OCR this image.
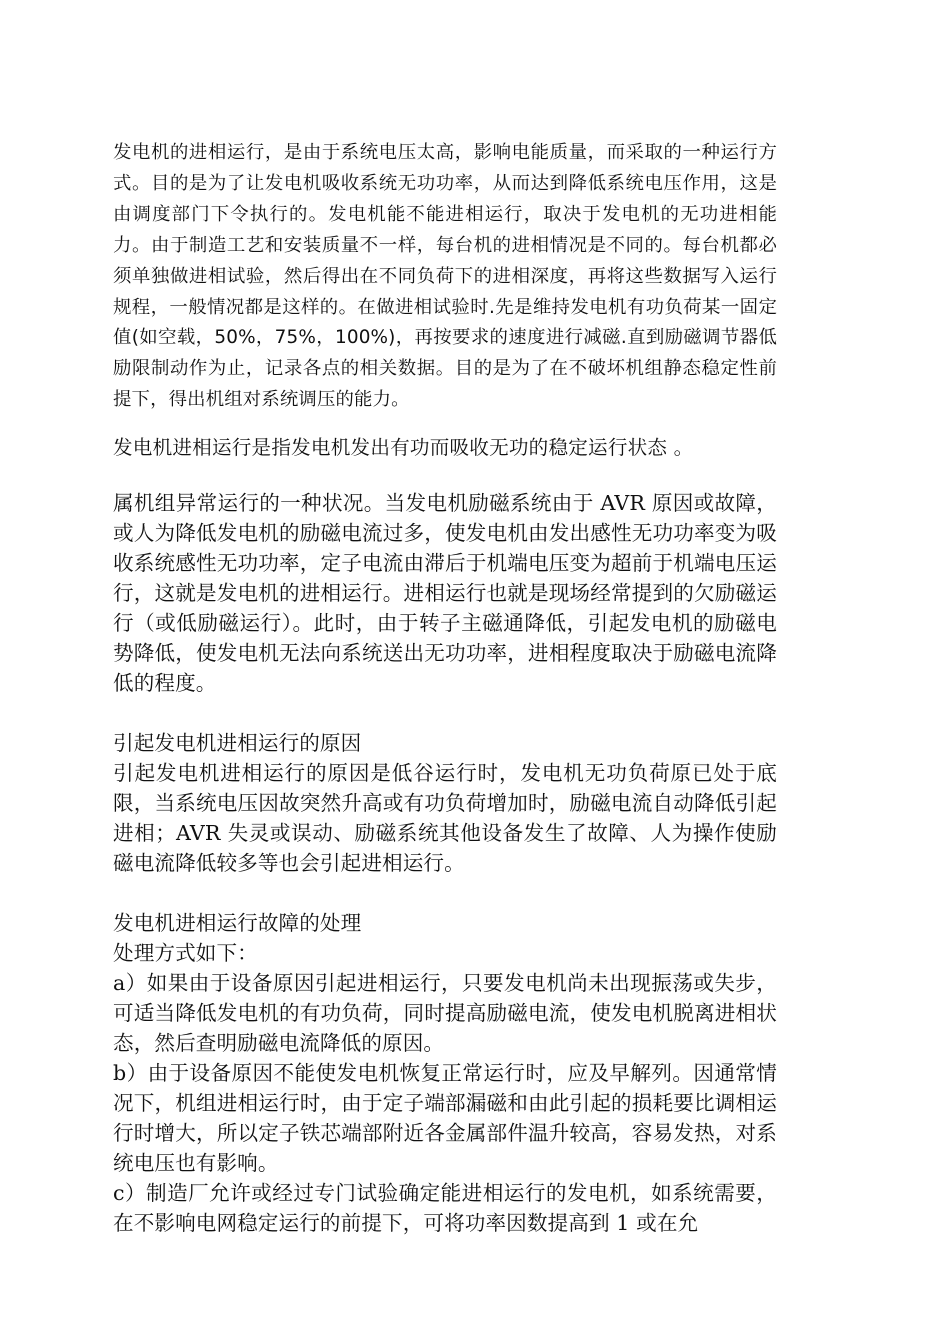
发电机的进相运行，是由于系统电压太高，影响电能质量，而采取的一种运行方式。目的是为了让发电机吸收系统无功功率，从而达到降低系统电压作用，这是由调度部门下令执行的。发电机能不能进相运行，取决于发电机的无功进相能力。由于制造工艺和安装质量不一样，每台机的进相情况是不同的。每台机都必须单独做进相试验，然后得出在不同负荷下的进相深度，再将这些数据写入运行规程，一般情况都是这样的。在做进相试验时.先是维持发电机有功负荷某一固定值(如空载，50%，75%，100%)，再按要求的速度进行减磁.直到励磁调节器低励限制动作为止，记录各点的相关数据。目的是为了在不破坏机组静态稳定性前提下，得出机组对系统调压的能力。

发电机进相运行是指发电机发出有功而吸收无功的稳定运行状态 。

属机组异常运行的一种状况。当发电机励磁系统由于 AVR 原因或故障，或人为降低发电机的励磁电流过多，使发电机由发出感性无功功率变为吸收系统感性无功功率，定子电流由滞后于机端电压变为超前于机端电压运行，这就是发电机的进相运行。进相运行也就是现场经常提到的欠励磁运行（或低励磁运行）。此时，由于转子主磁通降低，引起发电机的励磁电势降低，使发电机无法向系统送出无功功率，进相程度取决于励磁电流降低的程度。

引起发电机进相运行的原因

引起发电机进相运行的原因是低谷运行时，发电机无功负荷原已处于底限，当系统电压因故突然升高或有功负荷增加时，励磁电流自动降低引起进相；AVR 失灵或误动、励磁系统其他设备发生了故障、人为操作使励磁电流降低较多等也会引起进相运行。

发电机进相运行故障的处理

处理方式如下：

a）如果由于设备原因引起进相运行，只要发电机尚未出现振荡或失步，可适当降低发电机的有功负荷，同时提高励磁电流，使发电机脱离进相状态，然后查明励磁电流降低的原因。

b）由于设备原因不能使发电机恢复正常运行时，应及早解列。因通常情况下，机组进相运行时，由于定子端部漏磁和由此引起的损耗要比调相运行时增大，所以定子铁芯端部附近各金属部件温升较高，容易发热，对系统电压也有影响。

c）制造厂允许或经过专门试验确定能进相运行的发电机，如系统需要，在不影响电网稳定运行的前提下，可将功率因数提高到 1 或在允
